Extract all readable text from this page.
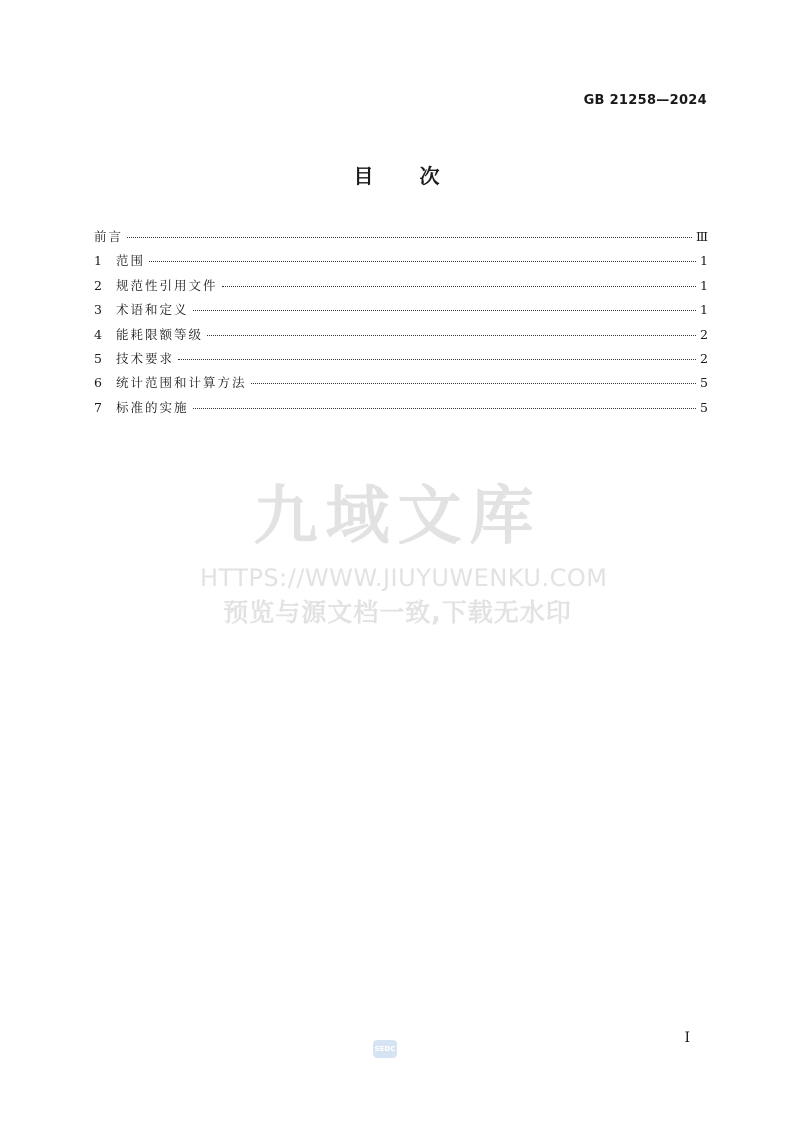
GB 21258—2024
目次
前言	Ⅲ
1	范围	1
2	规范性引用文件	1
3	术语和定义	1
4	能耗限额等级	2
5	技术要求	2
6	统计范围和计算方法	5
7	标准的实施	5
九域文库
HTTPS://WWW.JIUYUWENKU.COM
预览与源文档一致,下载无水印
SEDC
I
